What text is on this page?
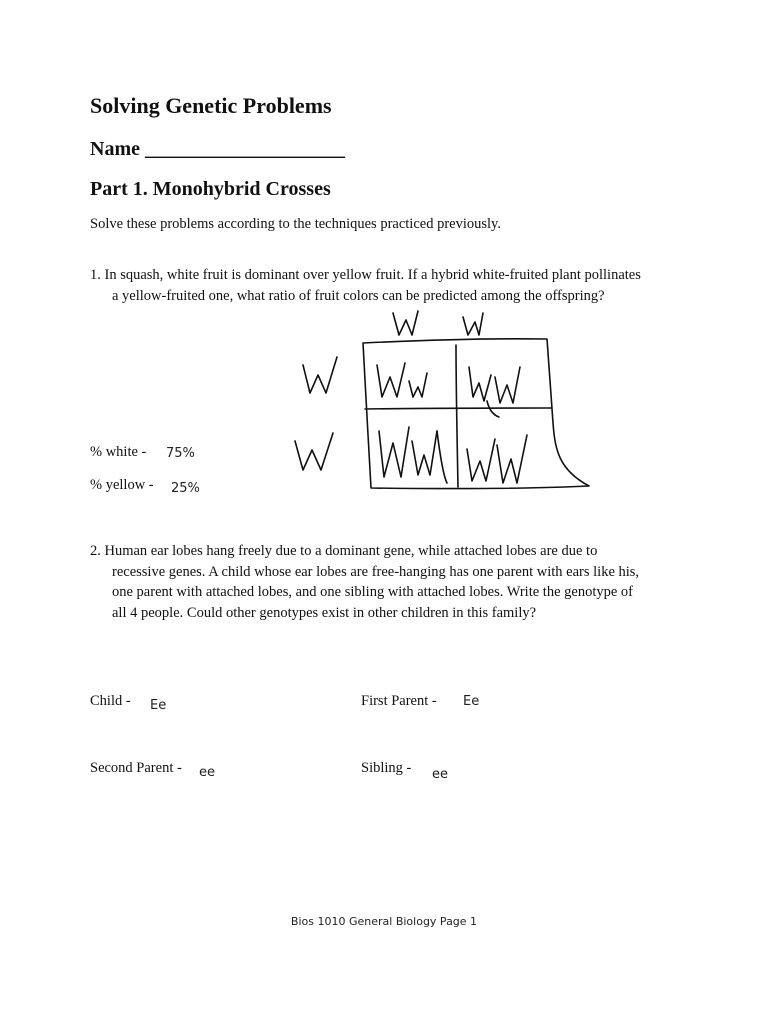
Solving Genetic Problems
Name ____________________
Part 1. Monohybrid Crosses
Solve these problems according to the techniques practiced previously.

1. In squash, white fruit is dominant over yellow fruit. If a hybrid white-fruited plant pollinates a yellow-fruited one, what ratio of fruit colors can be predicted among the offspring?

% white - 75%
% yellow - 25%

2. Human ear lobes hang freely due to a dominant gene, while attached lobes are due to recessive genes. A child whose ear lobes are free-hanging has one parent with ears like his, one parent with attached lobes, and one sibling with attached lobes. Write the genotype of all 4 people. Could other genotypes exist in other children in this family?

Child - Ee	First Parent - Ee
Second Parent - ee	Sibling - ee
Bios 1010 General Biology Page 1
